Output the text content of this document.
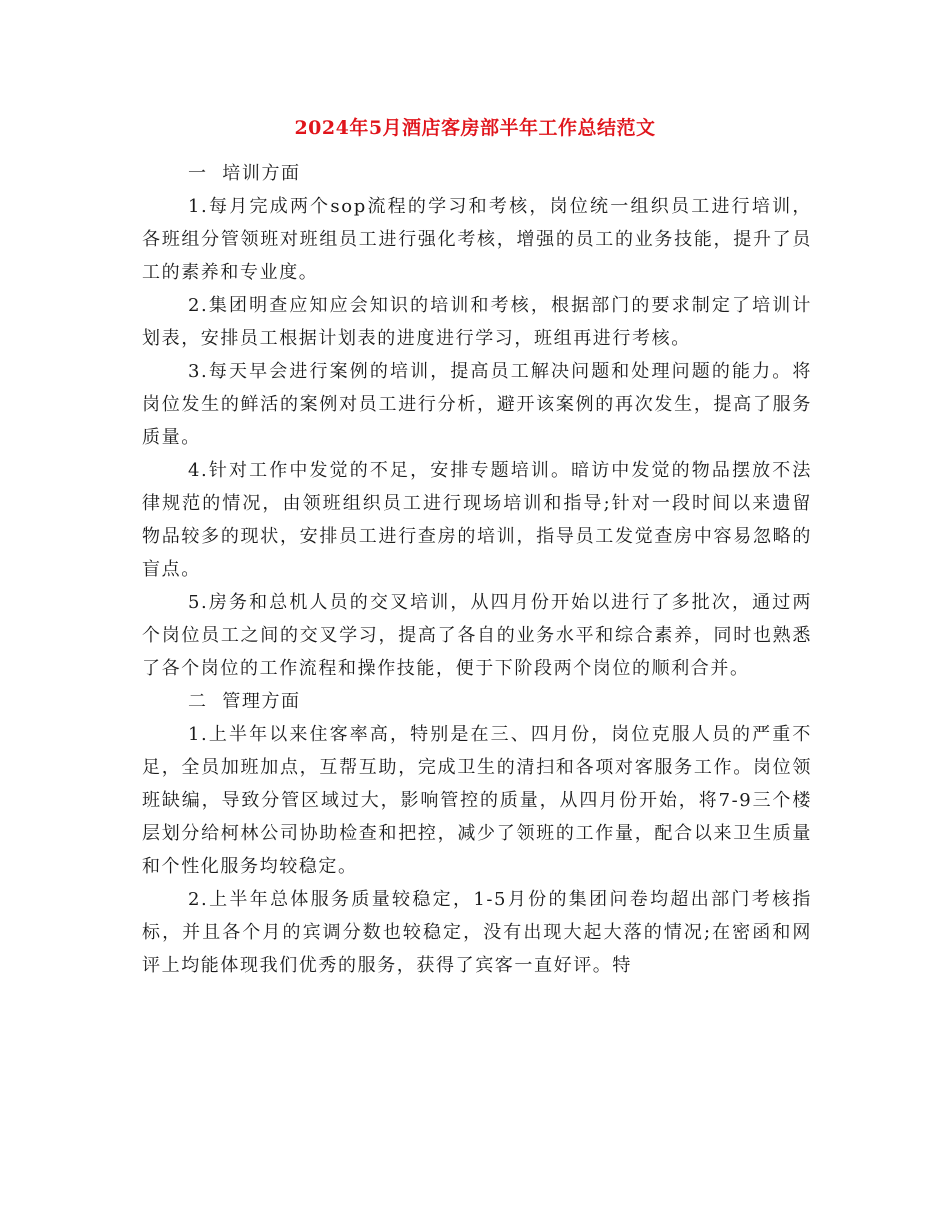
2024年5月酒店客房部半年工作总结范文

一  培训方面

1.每月完成两个sop流程的学习和考核，岗位统一组织员工进行培训，各班组分管领班对班组员工进行强化考核，增强的员工的业务技能，提升了员工的素养和专业度。

2.集团明查应知应会知识的培训和考核，根据部门的要求制定了培训计划表，安排员工根据计划表的进度进行学习，班组再进行考核。

3.每天早会进行案例的培训，提高员工解决问题和处理问题的能力。将岗位发生的鲜活的案例对员工进行分析，避开该案例的再次发生，提高了服务质量。

4.针对工作中发觉的不足，安排专题培训。暗访中发觉的物品摆放不法律规范的情况，由领班组织员工进行现场培训和指导;针对一段时间以来遗留物品较多的现状，安排员工进行查房的培训，指导员工发觉查房中容易忽略的盲点。

5.房务和总机人员的交叉培训，从四月份开始以进行了多批次，通过两个岗位员工之间的交叉学习，提高了各自的业务水平和综合素养，同时也熟悉了各个岗位的工作流程和操作技能，便于下阶段两个岗位的顺利合并。

二  管理方面

1.上半年以来住客率高，特别是在三、四月份，岗位克服人员的严重不足，全员加班加点，互帮互助，完成卫生的清扫和各项对客服务工作。岗位领班缺编，导致分管区域过大，影响管控的质量，从四月份开始，将7-9三个楼层划分给柯林公司协助检查和把控，减少了领班的工作量，配合以来卫生质量和个性化服务均较稳定。

2.上半年总体服务质量较稳定，1-5月份的集团问卷均超出部门考核指标，并且各个月的宾调分数也较稳定，没有出现大起大落的情况;在密函和网评上均能体现我们优秀的服务，获得了宾客一直好评。特
